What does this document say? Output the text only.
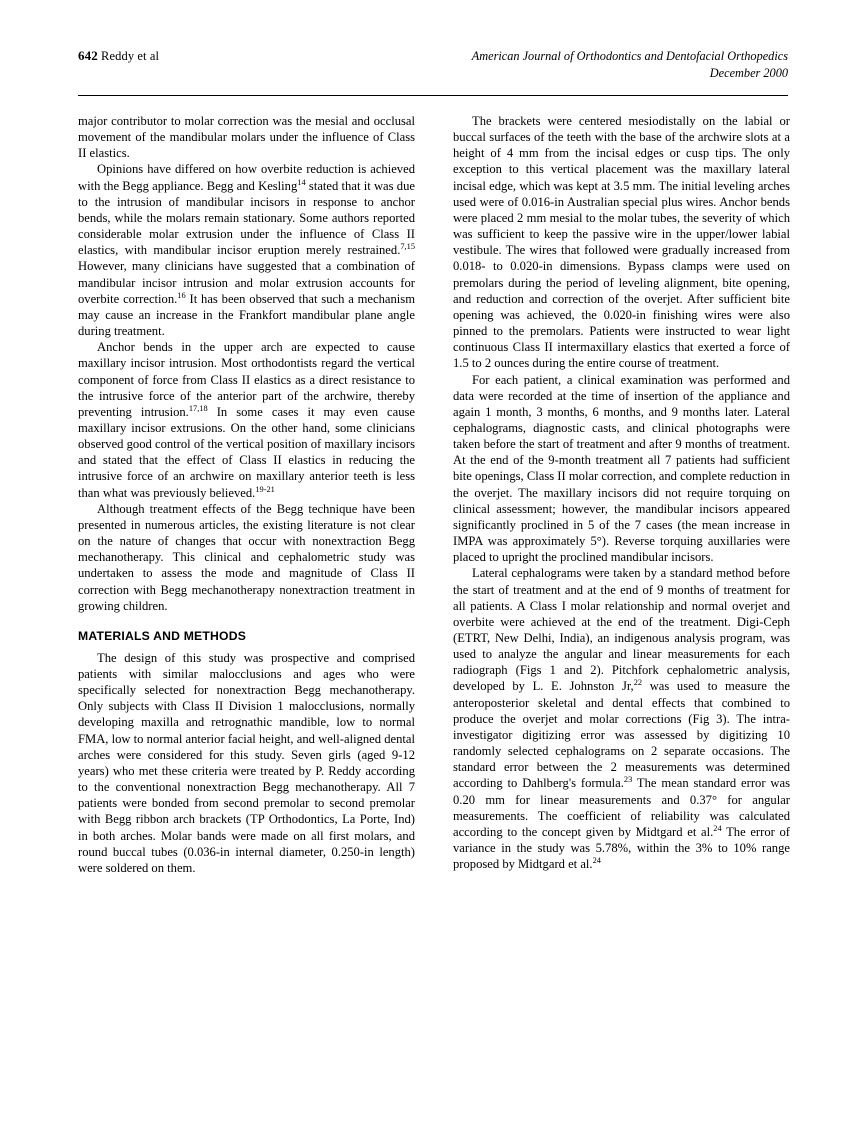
642 Reddy et al	American Journal of Orthodontics and Dentofacial Orthopedics
December 2000

major contributor to molar correction was the mesial and occlusal movement of the mandibular molars under the influence of Class II elastics.

Opinions have differed on how overbite reduction is achieved with the Begg appliance. Begg and Kesling$^{14}$ stated that it was due to the intrusion of mandibular incisors in response to anchor bends, while the molars remain stationary. Some authors reported considerable molar extrusion under the influence of Class II elastics, with mandibular incisor eruption merely restrained.$^{7,15}$ However, many clinicians have suggested that a combination of mandibular incisor intrusion and molar extrusion accounts for overbite correction.$^{16}$ It has been observed that such a mechanism may cause an increase in the Frankfort mandibular plane angle during treatment.

Anchor bends in the upper arch are expected to cause maxillary incisor intrusion. Most orthodontists regard the vertical component of force from Class II elastics as a direct resistance to the intrusive force of the anterior part of the archwire, thereby preventing intrusion.$^{17,18}$ In some cases it may even cause maxillary incisor extrusions. On the other hand, some clinicians observed good control of the vertical position of maxillary incisors and stated that the effect of Class II elastics in reducing the intrusive force of an archwire on maxillary anterior teeth is less than what was previously believed.$^{19-21}$

Although treatment effects of the Begg technique have been presented in numerous articles, the existing literature is not clear on the nature of changes that occur with nonextraction Begg mechanotherapy. This clinical and cephalometric study was undertaken to assess the mode and magnitude of Class II correction with Begg mechanotherapy nonextraction treatment in growing children.

MATERIALS AND METHODS

The design of this study was prospective and comprised patients with similar malocclusions and ages who were specifically selected for nonextraction Begg mechanotherapy. Only subjects with Class II Division 1 malocclusions, normally developing maxilla and retrognathic mandible, low to normal FMA, low to normal anterior facial height, and well-aligned dental arches were considered for this study. Seven girls (aged 9-12 years) who met these criteria were treated by P. Reddy according to the conventional nonextraction Begg mechanotherapy. All 7 patients were bonded from second premolar to second premolar with Begg ribbon arch brackets (TP Orthodontics, La Porte, Ind) in both arches. Molar bands were made on all first molars, and round buccal tubes (0.036-in internal diameter, 0.250-in length) were soldered on them.

The brackets were centered mesiodistally on the labial or buccal surfaces of the teeth with the base of the archwire slots at a height of 4 mm from the incisal edges or cusp tips. The only exception to this vertical placement was the maxillary lateral incisal edge, which was kept at 3.5 mm. The initial leveling arches used were of 0.016-in Australian special plus wires. Anchor bends were placed 2 mm mesial to the molar tubes, the severity of which was sufficient to keep the passive wire in the upper/lower labial vestibule. The wires that followed were gradually increased from 0.018- to 0.020-in dimensions. Bypass clamps were used on premolars during the period of leveling alignment, bite opening, and reduction and correction of the overjet. After sufficient bite opening was achieved, the 0.020-in finishing wires were also pinned to the premolars. Patients were instructed to wear light continuous Class II intermaxillary elastics that exerted a force of 1.5 to 2 ounces during the entire course of treatment.

For each patient, a clinical examination was performed and data were recorded at the time of insertion of the appliance and again 1 month, 3 months, 6 months, and 9 months later. Lateral cephalograms, diagnostic casts, and clinical photographs were taken before the start of treatment and after 9 months of treatment. At the end of the 9-month treatment all 7 patients had sufficient bite openings, Class II molar correction, and complete reduction in the overjet. The maxillary incisors did not require torquing on clinical assessment; however, the mandibular incisors appeared significantly proclined in 5 of the 7 cases (the mean increase in IMPA was approximately 5°). Reverse torquing auxillaries were placed to upright the proclined mandibular incisors.

Lateral cephalograms were taken by a standard method before the start of treatment and at the end of 9 months of treatment for all patients. A Class I molar relationship and normal overjet and overbite were achieved at the end of the treatment. Digi-Ceph (ETRT, New Delhi, India), an indigenous analysis program, was used to analyze the angular and linear measurements for each radiograph (Figs 1 and 2). Pitchfork cephalometric analysis, developed by L. E. Johnston Jr,$^{22}$ was used to measure the anteroposterior skeletal and dental effects that combined to produce the overjet and molar corrections (Fig 3). The intra-investigator digitizing error was assessed by digitizing 10 randomly selected cephalograms on 2 separate occasions. The standard error between the 2 measurements was determined according to Dahlberg's formula.$^{23}$ The mean standard error was 0.20 mm for linear measurements and 0.37° for angular measurements. The coefficient of reliability was calculated according to the concept given by Midtgard et al.$^{24}$ The error of variance in the study was 5.78%, within the 3% to 10% range proposed by Midtgard et al.$^{24}$
